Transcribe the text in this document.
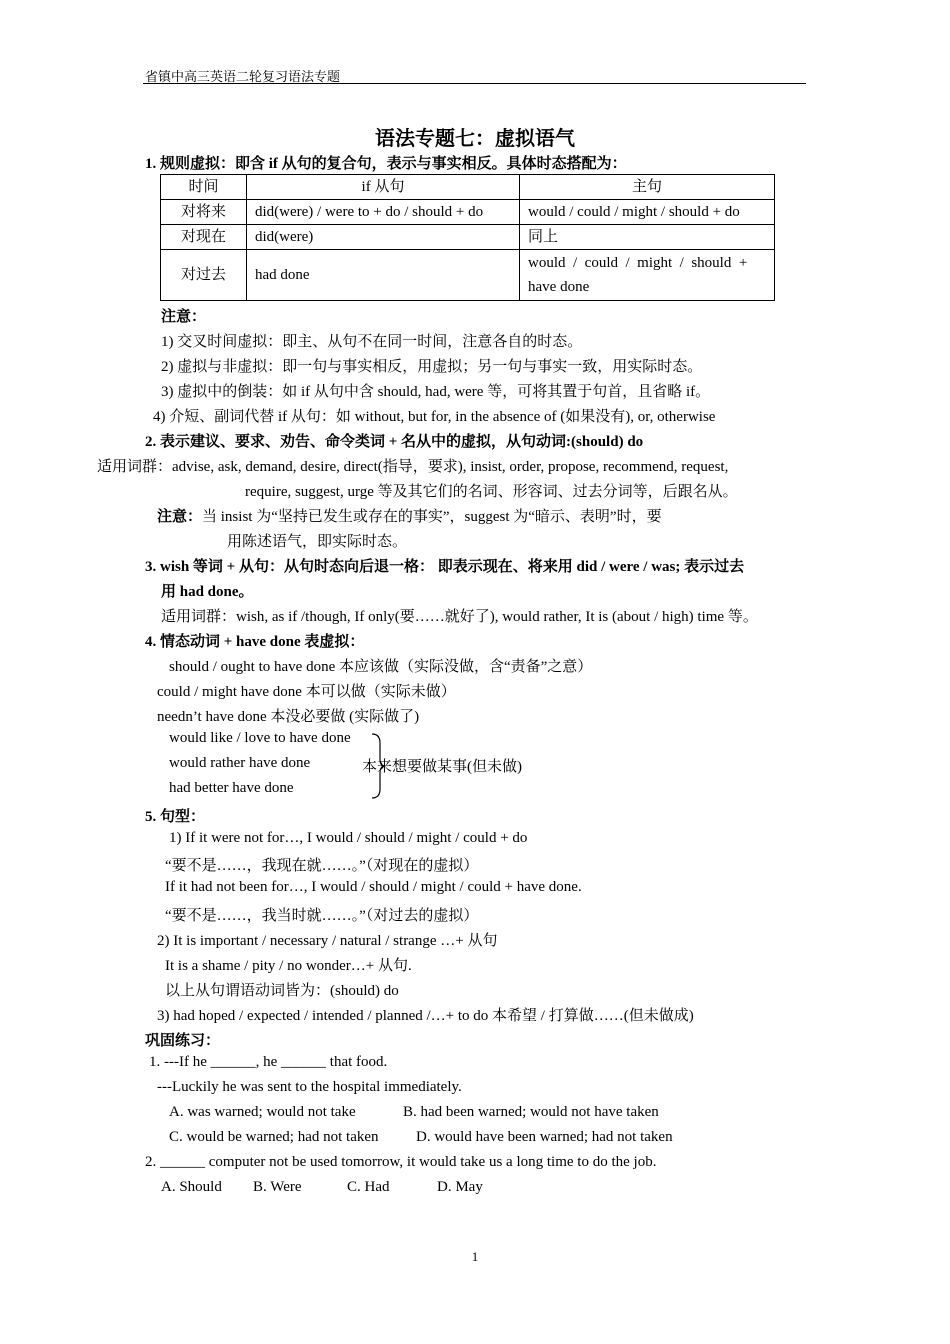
省镇中高三英语二轮复习语法专题
语法专题七：虚拟语气
1. 规则虚拟：即含 if 从句的复合句，表示与事实相反。具体时态搭配为：
时间	if 从句	主句
对将来	did(were) / were to + do / should + do	would / could / might / should + do
对现在	did(were)	同上
对过去	had done	would  /  could  /  might  /  should  +
have done
注意：
1) 交叉时间虚拟：即主、从句不在同一时间，注意各自的时态。
2) 虚拟与非虚拟：即一句与事实相反，用虚拟；另一句与事实一致，用实际时态。
3) 虚拟中的倒装：如 if 从句中含 should, had, were 等，可将其置于句首，且省略 if。
4) 介短、副词代替 if 从句：如 without, but for, in the absence of (如果没有), or, otherwise
2. 表示建议、要求、劝告、命令类词 + 名从中的虚拟，从句动词:(should) do
适用词群：advise, ask, demand, desire, direct(指导，要求), insist, order, propose, recommend, request,
require, suggest, urge 等及其它们的名词、形容词、过去分词等，后跟名从。
注意：当 insist 为“坚持已发生或存在的事实”，suggest 为“暗示、表明”时，要
用陈述语气，即实际时态。
3. wish 等词 + 从句：从句时态向后退一格： 即表示现在、将来用 did / were / was; 表示过去
用 had done。
适用词群：wish, as if /though, If only(要……就好了), would rather, It is (about / high) time 等。
4. 情态动词 + have done 表虚拟：
should / ought to have done 本应该做（实际没做，含“责备”之意）
could / might have done 本可以做（实际未做）
needn’t have done 本没必要做 (实际做了)
would like / love to have done
would rather have done
had better have done
本来想要做某事(但未做)
5. 句型：
1) If it were not for…, I would / should / might / could + do
“要不是……，我现在就……。”（对现在的虚拟）
If it had not been for…, I would / should / might / could + have done.
“要不是……，我当时就……。”（对过去的虚拟）
2) It is important / necessary / natural / strange …+ 从句
It is a shame / pity / no wonder…+ 从句.
以上从句谓语动词皆为：(should) do
3) had hoped / expected / intended / planned /…+ to do 本希望 / 打算做……(但未做成)
巩固练习：
1. ---If he ______, he ______ that food.
---Luckily he was sent to the hospital immediately.
A. was warned; would not take	B. had been warned; would not have taken
C. would be warned; had not taken D. would have been warned; had not taken
2. ______ computer not be used tomorrow, it would take us a long time to do the job.
A. Should B. Were	C. Had	D. May
1
